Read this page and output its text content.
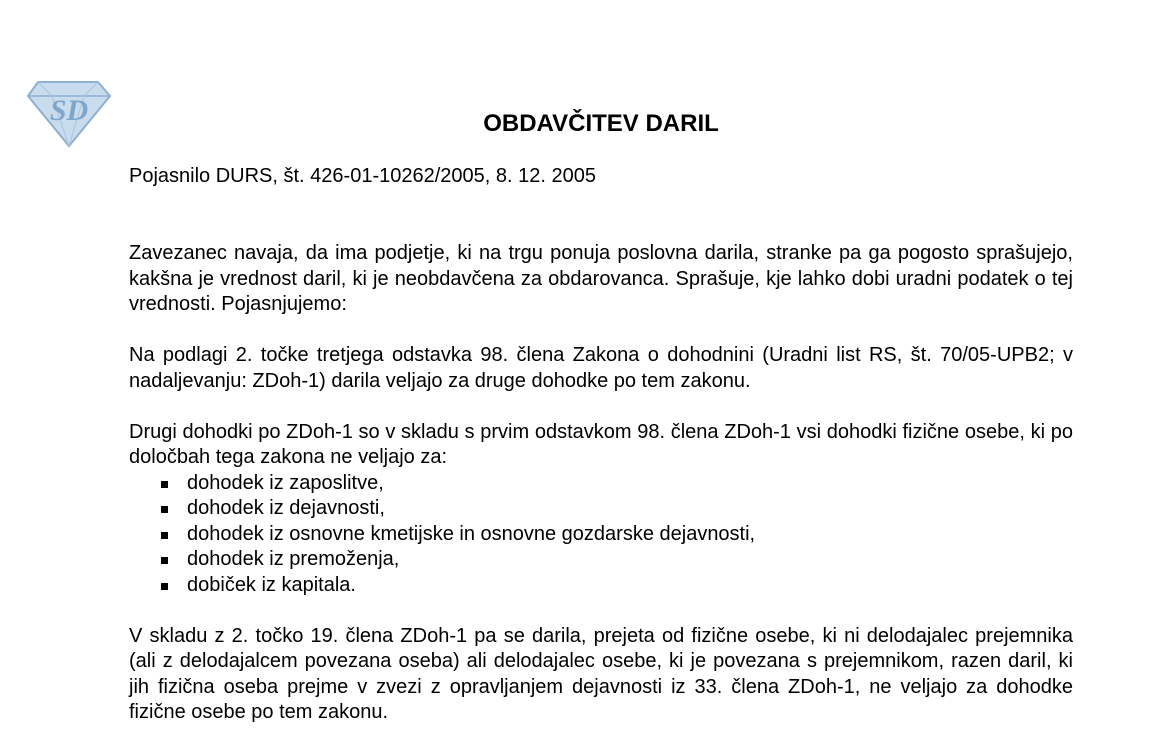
SD	OBDAVČITEV DARIL

Pojasnilo DURS, št. 426-01-10262/2005, 8. 12. 2005

Zavezanec navaja, da ima podjetje, ki na trgu ponuja poslovna darila, stranke pa ga pogosto sprašujejo, kakšna je vrednost daril, ki je neobdavčena za obdarovanca. Sprašuje, kje lahko dobi uradni podatek o tej vrednosti. Pojasnjujemo:

Na podlagi 2. točke tretjega odstavka 98. člena Zakona o dohodnini (Uradni list RS, št. 70/05-UPB2; v nadaljevanju: ZDoh-1) darila veljajo za druge dohodke po tem zakonu.

Drugi dohodki po ZDoh-1 so v skladu s prvim odstavkom 98. člena ZDoh-1 vsi dohodki fizične osebe, ki po določbah tega zakona ne veljajo za:

dohodek iz zaposlitve,
dohodek iz dejavnosti,
dohodek iz osnovne kmetijske in osnovne gozdarske dejavnosti,
dohodek iz premoženja,
dobiček iz kapitala.

V skladu z 2. točko 19. člena ZDoh-1 pa se darila, prejeta od fizične osebe, ki ni delodajalec prejemnika (ali z delodajalcem povezana oseba) ali delodajalec osebe, ki je povezana s prejemnikom, razen daril, ki jih fizična oseba prejme v zvezi z opravljanjem dejavnosti iz 33. člena ZDoh-1, ne veljajo za dohodke fizične osebe po tem zakonu.
